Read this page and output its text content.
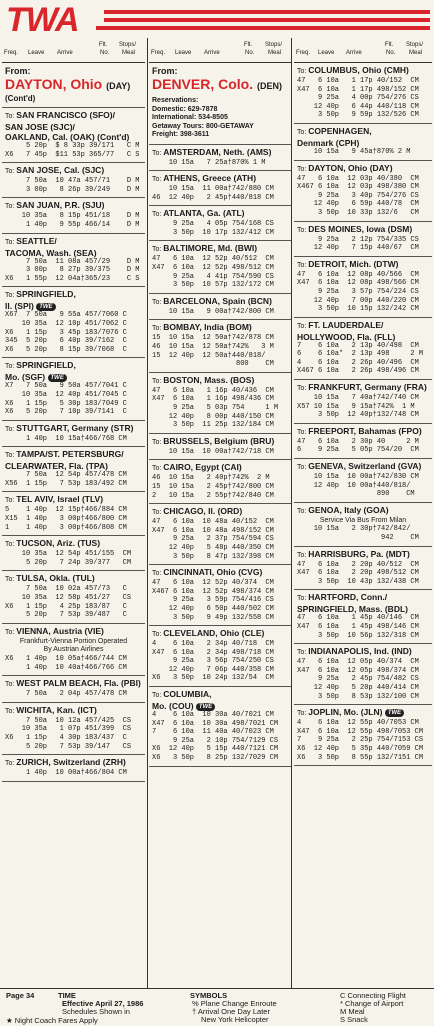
TWA
Flt. Stops/
Freq. Leave Arrive	No. Meal
From:
DAYTON, Ohio (DAY)
(Cont'd)
To: SAN FRANCISCO (SFO)/
SAN JOSE (SJC)/
OAKLAND, Cal. (OAK) (Cont'd)
5 20p  $ 8 33p 39/171   C M
X6   7 45p  $11 53p 365/77   C S
To: SAN JOSE, Cal. (SJC)
7 50a  10 47a 457/71    D M
3 00p   8 26p 39/249    D M
To: SAN JUAN, P.R. (SJU)
10 35a   8 15p 451/18    D M
1 40p   9 55p 466/14    D M
To: SEATTLE/
TACOMA, Wash. (SEA)
7 50a  11 08a 457/29    D M
3 00p   8 27p 39/375    D M
X6   1 55p  12 04a†365/23    C S
To: SPRINGFIELD,
Il. (SPI) TWE
X67  7 50a   9 55a 457/7060 C
10 35a  12 10p 451/7062 C
X6   1 15p   3 45p 183/7076 C
345  5 20p   6 40p 39/7162  C
X6   5 20p   8 15p 39/7068  C
To: SPRINGFIELD,
Mo. (SGF) TWE
X7   7 50a   9 50a 457/7041 C
10 35a  12 40p 451/7045 C
X6   1 15p   5 30p 183/7049 C
X6   5 20p   7 10p 39/7141  C
To: STUTTGART, Germany (STR)
1 40p  10 15a†466/768 CM
To: TAMPA/ST. PETERSBURG/
CLEARWATER, Fla. (TPA)
7 50a  12 54p 457/478 CM
X56  1 15p   7 53p 183/492 CM
To: TEL AVIV, Israel (TLV)
5    1 40p  12 15p†466/884 CM
X15  1 40p   3 00p†466/800 CM
1    1 40p   3 00p†466/808 CM
To: TUCSON, Ariz. (TUS)
10 35a  12 54p 451/155  CM
5 20p   7 24p 39/377   CM
To: TULSA, Okla. (TUL)
7 50a  10 02a 457/73   C
10 35a  12 58p 451/27   CS
X6   1 15p   4 25p 183/87   C
5 20p   7 53p 39/487   C
To: VIENNA, Austria (VIE)
Frankfurt-Vienna Portion Operated
By Austrian Airlines
X6   1 40p  10 05a†466/744 CM
1 40p  10 40a†466/766 CM
To: WEST PALM BEACH, Fla. (PBI)
7 50a   2 04p 457/478 CM
To: WICHITA, Kan. (ICT)
7 50a  10 12a 457/425  CS
10 35a   1 07p 451/399  CS
X6   1 15p   4 30p 183/437  C
5 20p   7 53p 39/147   CS
To: ZURICH, Switzerland (ZRH)
1 40p  10 00a†466/804 CM
Flt. Stops/
Freq. Leave Arrive	No. Meal
From:
DENVER, Colo. (DEN)
Reservations:
Domestic: 629-7878
International: 534-8505
Getaway Tours: 800-GETAWAY
Freight: 398-3611
To: AMSTERDAM, Neth. (AMS)
10 15a   7 25a†870% 1 M
To: ATHENS, Greece (ATH)
10 15a  11 00a†742/880 CM
46  12 40p   2 45p†440/818 CM
To: ATLANTA, Ga. (ATL)
9 25a   4 05p 754/168 CS
3 50p  10 17p 132/412 CM
To: BALTIMORE, Md. (BWI)
47   6 10a  12 52p 40/512  CM
X47  6 10a  12 52p 498/512 CM
9 25a   4 41p 754/590 CS
3 50p  10 57p 132/172 CM
To: BARCELONA, Spain (BCN)
10 15a   9 00a†742/800 CM
To: BOMBAY, India (BOM)
15  10 15a  12 50a†742/878 CM
46  10 15a  12 50a†742%   3 M
15  12 40p  12 50a†440/818/
800    CM
To: BOSTON, Mass. (BOS)
47   6 10a   1 16p 40/436  CM
X47  6 10a   1 16p 498/436 CM
9 25a   5 03p 754     1 M
12 40p   8 00p 440/150 CM
3 50p  11 25p 132/184 CM
To: BRUSSELS, Belgium (BRU)
10 15a  10 00a†742/718 CM
To: CAIRO, Egypt (CAI)
46  10 15a   2 40p†742%  2 M
15  10 15a   2 45p†742/800 CM
2   10 15a   2 55p†742/840 CM
To: CHICAGO, Il. (ORD)
47   6 10a  10 48a 40/152  CM
X47  6 10a  10 48a 498/152 CM
9 25a   2 37p 754/594 CS
12 40p   5 48p 440/350 CM
3 50p   8 47p 132/398 CM
To: CINCINNATI, Ohio (CVG)
47   6 10a  12 52p 40/374  CM
X467 6 10a  12 52p 498/374 CM
9 25a   3 59p 754/416 CS
12 40p   6 50p 440/502 CM
3 50p   9 49p 132/558 CM
To: CLEVELAND, Ohio (CLE)
4    6 10a   2 34p 40/718  CM
X47  6 10a   2 34p 498/718 CM
9 25a   3 56p 754/250 CS
12 40p   7 06p 440/358 CM
X6   3 50p  10 24p 132/54  CM
To: COLUMBIA,
Mo. (COU) TWE
4    6 10a  10 30a 40/7021 CM
X47  6 10a  10 30a 498/7021 CM
7    6 10a  11 40a 40/7023 CM
9 25a   2 10p 754/7129 CS
X6  12 40p   5 15p 440/7121 CM
X6   3 50p   8 25p 132/7029 CM
Flt. Stops/
Freq. Leave Arrive	No. Meal
To: COLUMBUS, Ohio (CMH)
47   6 10a   1 17p 40/152  CM
X47  6 10a   1 17p 498/152 CM
9 25a   4 00p 754/276 CS
12 40p   6 44p 440/118 CM
3 50p   9 59p 132/526 CM
To: COPENHAGEN,
Denmark (CPH)
10 15a   9 45a†870% 2 M
To: DAYTON, Ohio (DAY)
47   6 10a  12 03p 40/380  CM
X467 6 10a  12 03p 498/380 CM
9 25a   3 40p 754/276 CS
12 40p   6 59p 440/78  CM
3 50p  10 33p 132/6   CM
To: DES MOINES, Iowa (DSM)
9 25a   2 12p 754/335 CS
12 40p   7 15p 440/67  CM
To: DETROIT, Mich. (DTW)
47   6 10a  12 08p 40/566  CM
X47  6 10a  12 08p 498/566 CM
9 25a   3 57p 754/224 CS
12 40p   7 00p 440/220 CM
3 50p  10 15p 132/242 CM
To: FT. LAUDERDALE/
HOLLYWOOD, Fla. (FLL)
7    6 10a   2 13p 40/498  CM
6    6 10a*  2 13p 498     2 M
4    6 10a   2 26p 40/496  CM
X467 6 10a   2 26p 498/496 CM
To: FRANKFURT, Germany (FRA)
10 15a   7 40a†742/740 CM
X57 10 15a   9 15a†742%  1 M
3 50p  12 40p†132/748 CM
To: FREEPORT, Bahamas (FPO)
47   6 10a   2 30p 40     2 M
6    9 25a   5 05p 754/20  CM
To: GENEVA, Switzerland (GVA)
10 15a  10 00a†742/830 CM
12 40p  10 00a†440/818/
890    CM
To: GENOA, Italy (GOA)
Service Via Bus From Milan
10 15a   2 30p†742/842/
942    CM
To: HARRISBURG, Pa. (MDT)
47   6 10a   2 20p 40/512  CM
X47  6 10a   2 20p 498/512 CM
3 50p  10 43p 132/438 CM
To: HARTFORD, Conn./
SPRINGFIELD, Mass. (BDL)
47   6 10a   1 45p 40/146  CM
X47  6 10a   1 45p 498/146 CM
3 50p  10 56p 132/318 CM
To: INDIANAPOLIS, Ind. (IND)
47   6 10a  12 05p 40/374  CM
X47  6 10a  12 05p 498/374 CM
9 25a   2 45p 754/482 CS
12 40p   5 20p 440/414 CM
3 50p   8 53p 132/100 CM
To: JOPLIN, Mo. (JLN) TWE
4    6 10a  12 55p 40/7053 CM
X47  6 10a  12 55p 498/7053 CM
7    9 25a   2 25p 754/7153 CS
X6  12 40p   5 35p 440/7059 CM
X6   3 50p   8 55p 132/7151 CM
Page 34	TIME
Effective April 27, 1986
Schedules Shown in
★ Night Coach Fares Apply
SYMBOLS
% Plane Change Enroute
† Arrival One Day Later
New York Helicopter
C Connecting Flight
* Change of Airport
M Meal
S Snack
